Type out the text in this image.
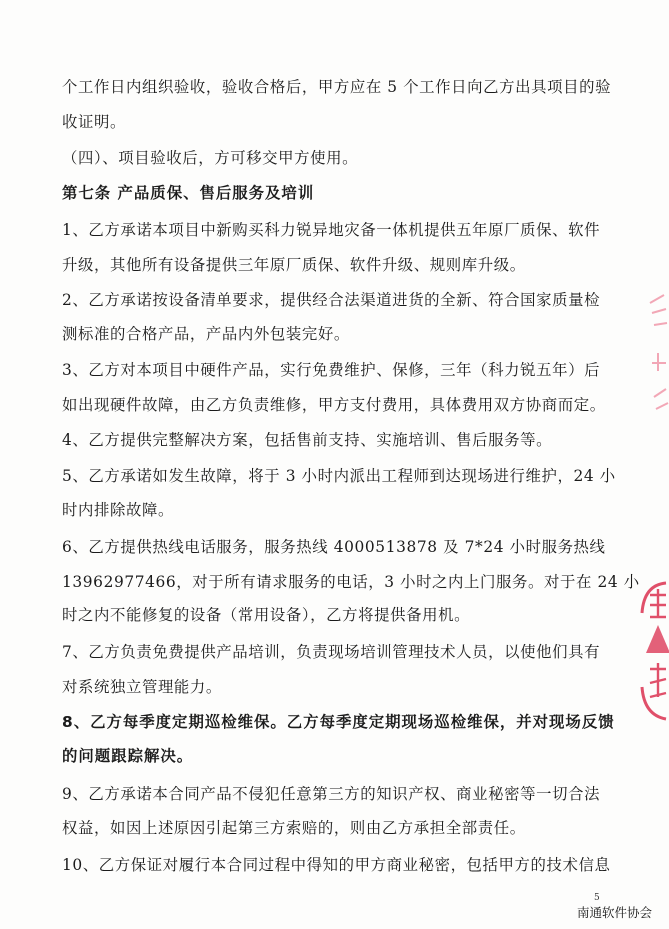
个工作日内组织验收，验收合格后，甲方应在 5 个工作日向乙方出具项目的验
收证明。
（四）、项目验收后，方可移交甲方使用。
第七条 产品质保、售后服务及培训
1、乙方承诺本项目中新购买科力锐异地灾备一体机提供五年原厂质保、软件
升级，其他所有设备提供三年原厂质保、软件升级、规则库升级。
2、乙方承诺按设备清单要求，提供经合法渠道进货的全新、符合国家质量检
测标准的合格产品，产品内外包装完好。
3、乙方对本项目中硬件产品，实行免费维护、保修，三年（科力锐五年）后
如出现硬件故障，由乙方负责维修，甲方支付费用，具体费用双方协商而定。
4、乙方提供完整解决方案，包括售前支持、实施培训、售后服务等。
5、乙方承诺如发生故障，将于 3 小时内派出工程师到达现场进行维护，24 小
时内排除故障。
6、乙方提供热线电话服务，服务热线 4000513878 及 7*24 小时服务热线
13962977466，对于所有请求服务的电话，3 小时之内上门服务。对于在 24 小
时之内不能修复的设备（常用设备），乙方将提供备用机。
7、乙方负责免费提供产品培训，负责现场培训管理技术人员，以使他们具有
对系统独立管理能力。
8、乙方每季度定期巡检维保。乙方每季度定期现场巡检维保，并对现场反馈
的问题跟踪解决。
9、乙方承诺本合同产品不侵犯任意第三方的知识产权、商业秘密等一切合法
权益，如因上述原因引起第三方索赔的，则由乙方承担全部责任。
10、乙方保证对履行本合同过程中得知的甲方商业秘密，包括甲方的技术信息
5
南通软件协会
